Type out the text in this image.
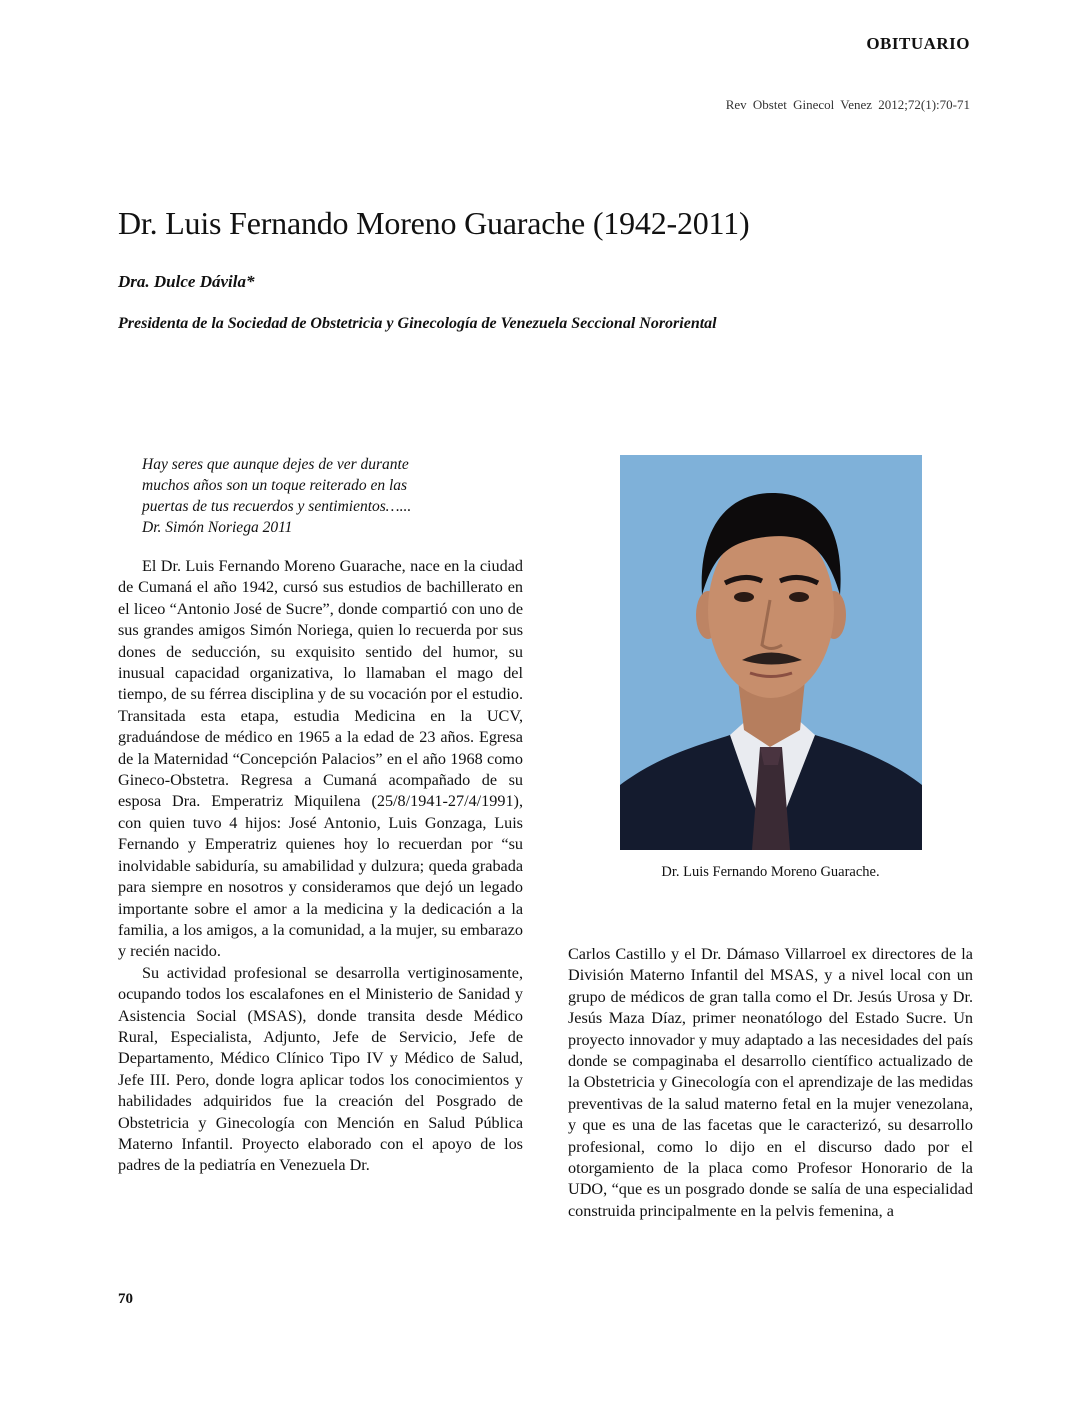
OBITUARIO
Rev Obstet Ginecol Venez 2012;72(1):70-71
Dr. Luis Fernando Moreno Guarache (1942-2011)
Dra. Dulce Dávila*
Presidenta de la Sociedad de Obstetricia y Ginecología de Venezuela Seccional Nororiental
Hay seres que aunque dejes de ver durante
muchos años son un toque reiterado en las
puertas de tus recuerdos y sentimientos…...
Dr. Simón Noriega 2011

El Dr. Luis Fernando Moreno Guarache, nace en la ciudad de Cumaná el año 1942, cursó sus estudios de bachillerato en el liceo “Antonio José de Sucre”, donde compartió con uno de sus grandes amigos Simón Noriega, quien lo recuerda por sus dones de seducción, su exquisito sentido del humor, su inusual capacidad organizativa, lo llamaban el mago del tiempo, de su férrea disciplina y de su vocación por el estudio. Transitada esta etapa, estudia Medicina en la UCV, graduándose de médico en 1965 a la edad de 23 años. Egresa de la Maternidad “Concepción Palacios” en el año 1968 como Gineco-Obstetra. Regresa a Cumaná acompañado de su esposa Dra. Emperatriz Miquilena (25/8/1941-27/4/1991), con quien tuvo 4 hijos: José Antonio, Luis Gonzaga, Luis Fernando y Emperatriz quienes hoy lo recuerdan por “su inolvidable sabiduría, su amabilidad y dulzura; queda grabada para siempre en nosotros y consideramos que dejó un legado importante sobre el amor a la medicina y la dedicación a la familia, a los amigos, a la comunidad, a la mujer, su embarazo y recién nacido.

Su actividad profesional se desarrolla vertiginosamente, ocupando todos los escalafones en el Ministerio de Sanidad y Asistencia Social (MSAS), donde transita desde Médico Rural, Especialista, Adjunto, Jefe de Servicio, Jefe de Departamento, Médico Clínico Tipo IV y Médico de Salud, Jefe III. Pero, donde logra aplicar todos los conocimientos y habilidades adquiridos fue la creación del Posgrado de Obstetricia y Ginecología con Mención en Salud Pública Materno Infantil. Proyecto elaborado con el apoyo de los padres de la pediatría en Venezuela Dr.

Dr. Luis Fernando Moreno Guarache.

Carlos Castillo y el Dr. Dámaso Villarroel ex directores de la División Materno Infantil del MSAS, y a nivel local con un grupo de médicos de gran talla como el Dr. Jesús Urosa y Dr. Jesús Maza Díaz, primer neonatólogo del Estado Sucre. Un proyecto innovador y muy adaptado a las necesidades del país donde se compaginaba el desarrollo científico actualizado de la Obstetricia y Ginecología con el aprendizaje de las medidas preventivas de la salud materno fetal en la mujer venezolana, y que es una de las facetas que le caracterizó, su desarrollo profesional, como lo dijo en el discurso dado por el otorgamiento de la placa como Profesor Honorario de la UDO, “que es un posgrado donde se salía de una especialidad construida principalmente en la pelvis femenina, a

70
